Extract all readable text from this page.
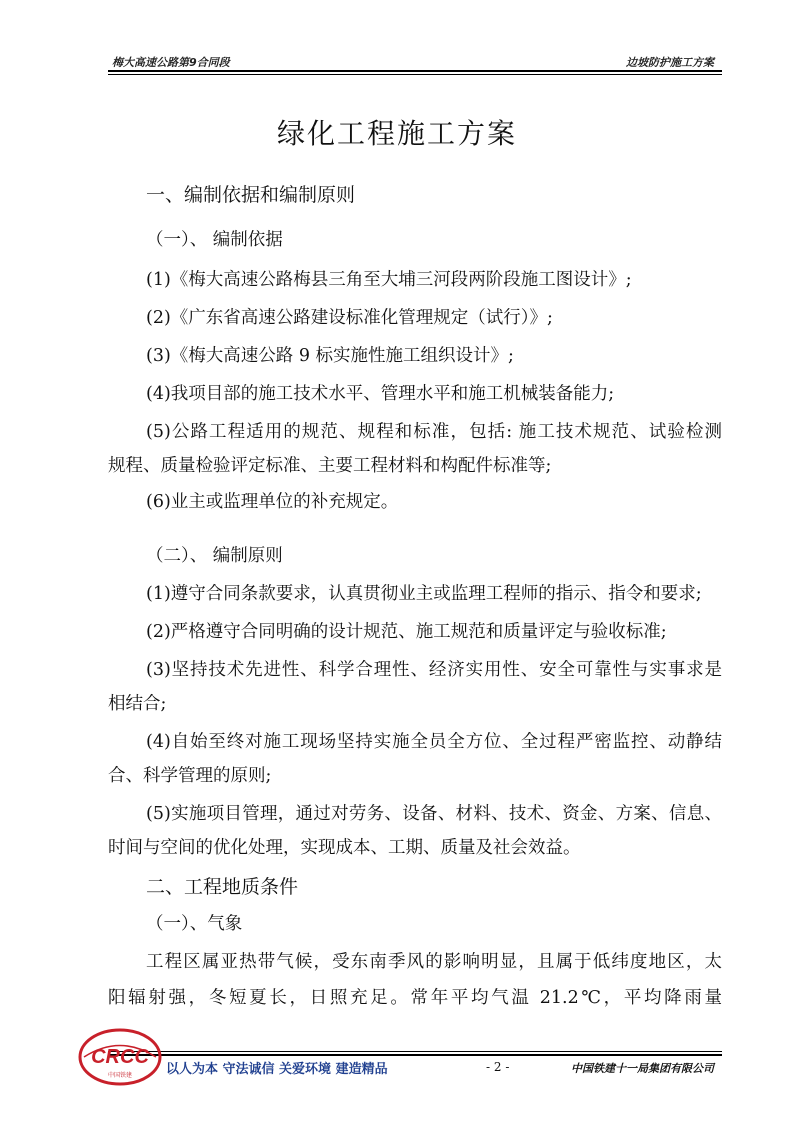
梅大高速公路第9合同段	边坡防护施工方案
绿化工程施工方案
一、编制依据和编制原则
（一）、 编制依据
(1)《梅大高速公路梅县三角至大埔三河段两阶段施工图设计》;
(2)《广东省高速公路建设标准化管理规定（试行）》;
(3)《梅大高速公路 9 标实施性施工组织设计》;
(4)我项目部的施工技术水平、管理水平和施工机械装备能力;
(5)公路工程适用的规范、规程和标准，包括: 施工技术规范、试验检测
规程、质量检验评定标准、主要工程材料和构配件标准等;
(6)业主或监理单位的补充规定。
（二）、 编制原则
(1)遵守合同条款要求，认真贯彻业主或监理工程师的指示、指令和要求;
(2)严格遵守合同明确的设计规范、施工规范和质量评定与验收标准;
(3)坚持技术先进性、科学合理性、经济实用性、安全可靠性与实事求是
相结合;
(4)自始至终对施工现场坚持实施全员全方位、全过程严密监控、动静结
合、科学管理的原则;
(5)实施项目管理，通过对劳务、设备、材料、技术、资金、方案、信息、
时间与空间的优化处理，实现成本、工期、质量及社会效益。
二、工程地质条件
（一）、气象
工程区属亚热带气候，受东南季风的影响明显，且属于低纬度地区，太
阳辐射强，冬短夏长，日照充足。常年平均气温 21.2℃，平均降雨量
CRCC
中国铁建	以人为本 守法诚信 关爱环境 建造精品	- 2 -	中国铁建十一局集团有限公司
